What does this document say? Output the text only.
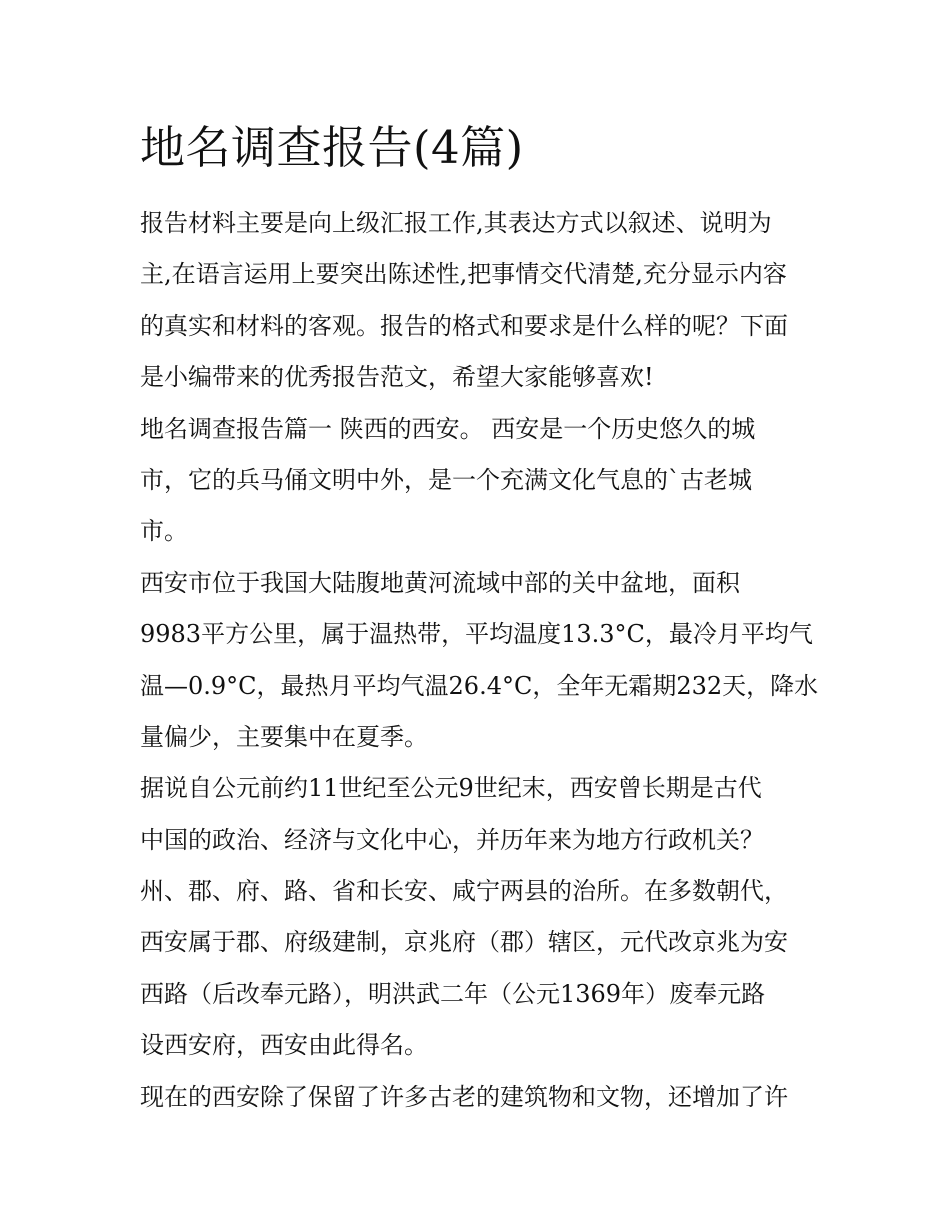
地名调查报告(4篇)

报告材料主要是向上级汇报工作,其表达方式以叙述、说明为

主,在语言运用上要突出陈述性,把事情交代清楚,充分显示内容

的真实和材料的客观。报告的格式和要求是什么样的呢？下面

是小编带来的优秀报告范文，希望大家能够喜欢!

地名调查报告篇一 陕西的西安。 西安是一个历史悠久的城

市，它的兵马俑文明中外，是一个充满文化气息的`古老城

市。

西安市位于我国大陆腹地黄河流域中部的关中盆地，面积

9983平方公里，属于温热带，平均温度13.3°C，最冷月平均气

温—0.9°C，最热月平均气温26.4°C，全年无霜期232天，降水

量偏少，主要集中在夏季。

据说自公元前约11世纪至公元9世纪末，西安曾长期是古代

中国的政治、经济与文化中心，并历年来为地方行政机关？

州、郡、府、路、省和长安、咸宁两县的治所。在多数朝代，

西安属于郡、府级建制，京兆府（郡）辖区，元代改京兆为安

西路（后改奉元路），明洪武二年（公元1369年）废奉元路

设西安府，西安由此得名。

现在的西安除了保留了许多古老的建筑物和文物，还增加了许
